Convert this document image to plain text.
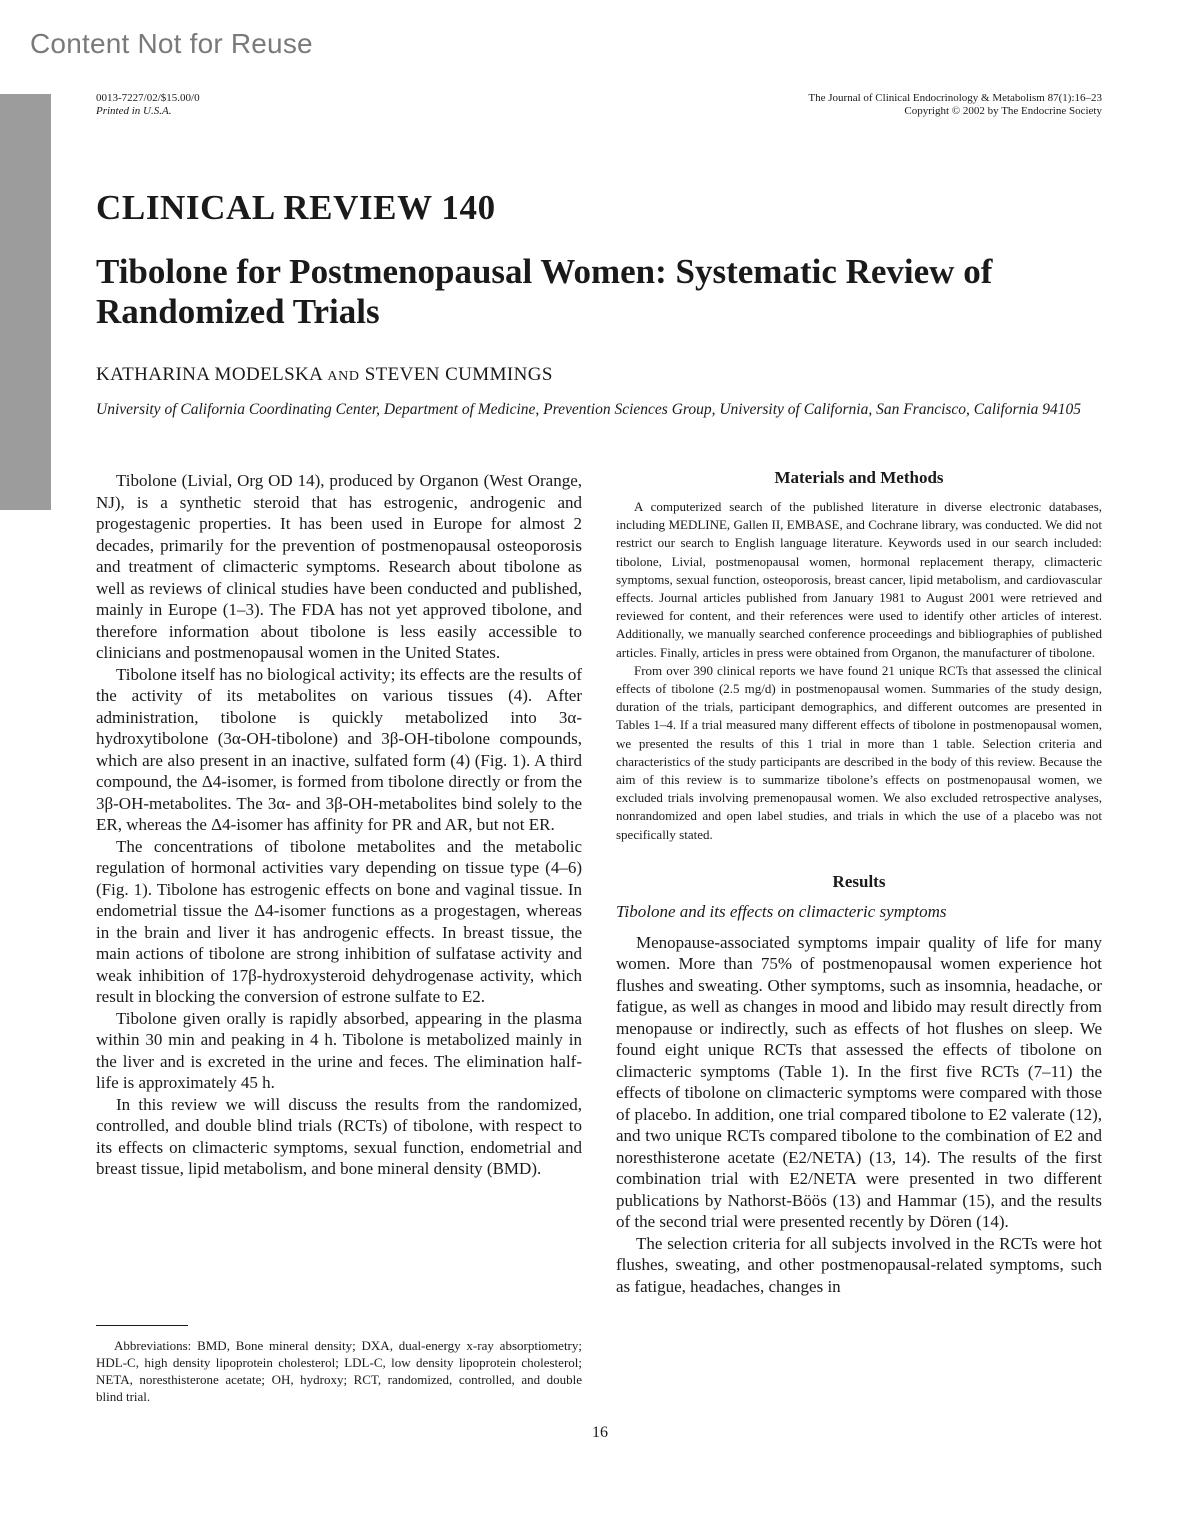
Content Not for Reuse
0013-7227/02/$15.00/0
Printed in U.S.A.
The Journal of Clinical Endocrinology & Metabolism 87(1):16–23
Copyright © 2002 by The Endocrine Society
CLINICAL REVIEW 140
Tibolone for Postmenopausal Women: Systematic Review of Randomized Trials
KATHARINA MODELSKA AND STEVEN CUMMINGS
University of California Coordinating Center, Department of Medicine, Prevention Sciences Group, University of California, San Francisco, California 94105

Tibolone (Livial, Org OD 14), produced by Organon (West Orange, NJ), is a synthetic steroid that has estrogenic, androgenic and progestagenic properties. It has been used in Europe for almost 2 decades, primarily for the prevention of postmenopausal osteoporosis and treatment of climacteric symptoms. Research about tibolone as well as reviews of clinical studies have been conducted and published, mainly in Europe (1–3). The FDA has not yet approved tibolone, and therefore information about tibolone is less easily accessible to clinicians and postmenopausal women in the United States.

Tibolone itself has no biological activity; its effects are the results of the activity of its metabolites on various tissues (4). After administration, tibolone is quickly metabolized into 3α-hydroxytibolone (3α-OH-tibolone) and 3β-OH-tibolone compounds, which are also present in an inactive, sulfated form (4) (Fig. 1). A third compound, the Δ4-isomer, is formed from tibolone directly or from the 3β-OH-metabolites. The 3α- and 3β-OH-metabolites bind solely to the ER, whereas the Δ4-isomer has affinity for PR and AR, but not ER.

The concentrations of tibolone metabolites and the metabolic regulation of hormonal activities vary depending on tissue type (4–6) (Fig. 1). Tibolone has estrogenic effects on bone and vaginal tissue. In endometrial tissue the Δ4-isomer functions as a progestagen, whereas in the brain and liver it has androgenic effects. In breast tissue, the main actions of tibolone are strong inhibition of sulfatase activity and weak inhibition of 17β-hydroxysteroid dehydrogenase activity, which result in blocking the conversion of estrone sulfate to E2.

Tibolone given orally is rapidly absorbed, appearing in the plasma within 30 min and peaking in 4 h. Tibolone is metabolized mainly in the liver and is excreted in the urine and feces. The elimination half-life is approximately 45 h.

In this review we will discuss the results from the randomized, controlled, and double blind trials (RCTs) of tibolone, with respect to its effects on climacteric symptoms, sexual function, endometrial and breast tissue, lipid metabolism, and bone mineral density (BMD).

Abbreviations: BMD, Bone mineral density; DXA, dual-energy x-ray absorptiometry; HDL-C, high density lipoprotein cholesterol; LDL-C, low density lipoprotein cholesterol; NETA, noresthisterone acetate; OH, hydroxy; RCT, randomized, controlled, and double blind trial.

Materials and Methods

A computerized search of the published literature in diverse electronic databases, including MEDLINE, Gallen II, EMBASE, and Cochrane library, was conducted. We did not restrict our search to English language literature. Keywords used in our search included: tibolone, Livial, postmenopausal women, hormonal replacement therapy, climacteric symptoms, sexual function, osteoporosis, breast cancer, lipid metabolism, and cardiovascular effects. Journal articles published from January 1981 to August 2001 were retrieved and reviewed for content, and their references were used to identify other articles of interest. Additionally, we manually searched conference proceedings and bibliographies of published articles. Finally, articles in press were obtained from Organon, the manufacturer of tibolone.

From over 390 clinical reports we have found 21 unique RCTs that assessed the clinical effects of tibolone (2.5 mg/d) in postmenopausal women. Summaries of the study design, duration of the trials, participant demographics, and different outcomes are presented in Tables 1–4. If a trial measured many different effects of tibolone in postmenopausal women, we presented the results of this 1 trial in more than 1 table. Selection criteria and characteristics of the study participants are described in the body of this review. Because the aim of this review is to summarize tibolone’s effects on postmenopausal women, we excluded trials involving premenopausal women. We also excluded retrospective analyses, nonrandomized and open label studies, and trials in which the use of a placebo was not specifically stated.

Results
Tibolone and its effects on climacteric symptoms

Menopause-associated symptoms impair quality of life for many women. More than 75% of postmenopausal women experience hot flushes and sweating. Other symptoms, such as insomnia, headache, or fatigue, as well as changes in mood and libido may result directly from menopause or indirectly, such as effects of hot flushes on sleep. We found eight unique RCTs that assessed the effects of tibolone on climacteric symptoms (Table 1). In the first five RCTs (7–11) the effects of tibolone on climacteric symptoms were compared with those of placebo. In addition, one trial compared tibolone to E2 valerate (12), and two unique RCTs compared tibolone to the combination of E2 and noresthisterone acetate (E2/NETA) (13, 14). The results of the first combination trial with E2/NETA were presented in two different publications by Nathorst-Böös (13) and Hammar (15), and the results of the second trial were presented recently by Dören (14).

The selection criteria for all subjects involved in the RCTs were hot flushes, sweating, and other postmenopausal-related symptoms, such as fatigue, headaches, changes in

16
